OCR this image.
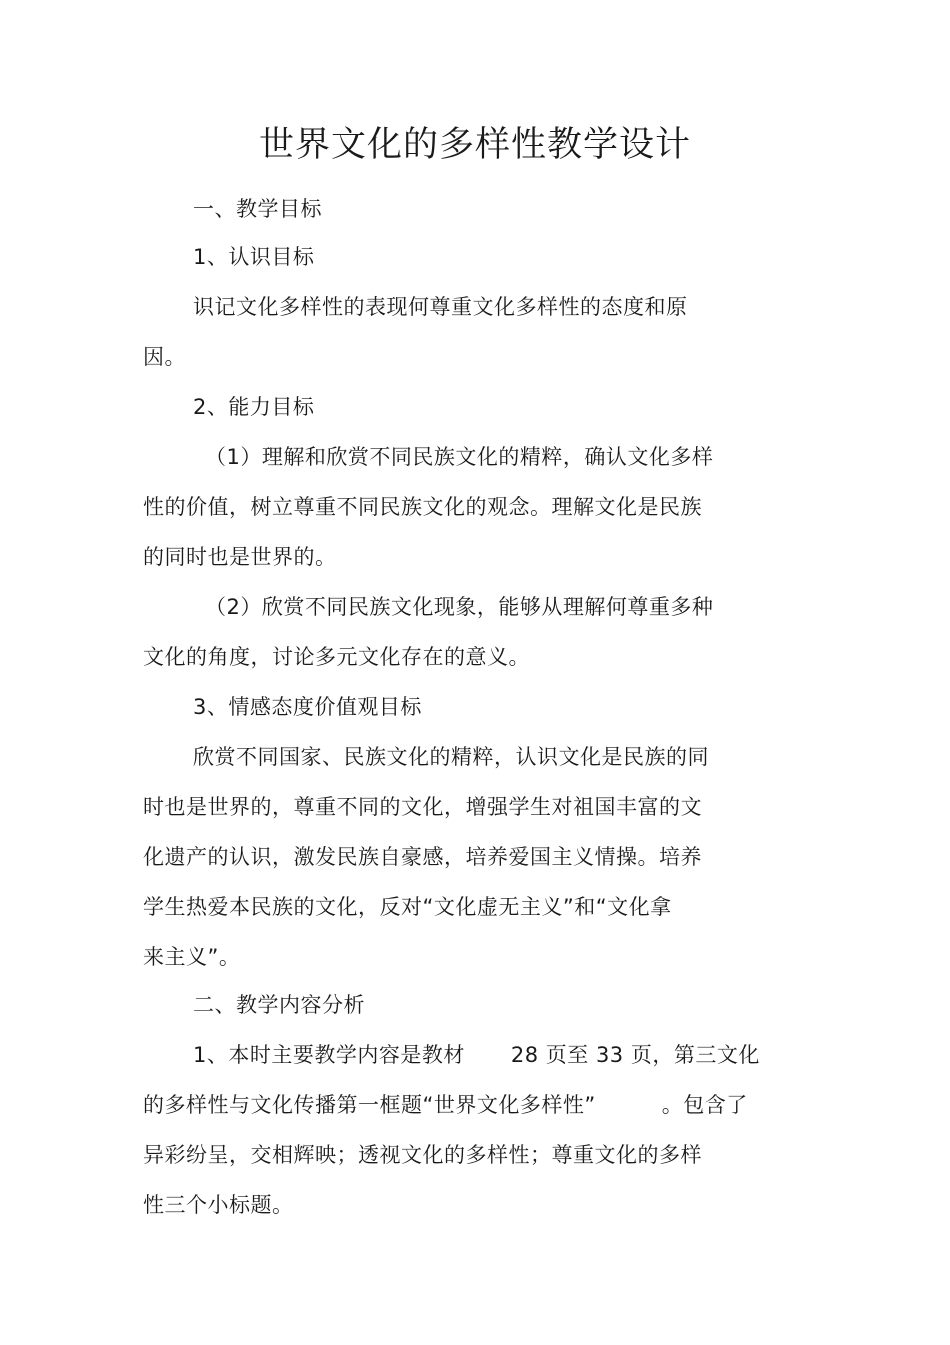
世界文化的多样性教学设计
一、教学目标
1、认识目标
识记文化多样性的表现何尊重文化多样性的态度和原
因。
2、能力目标
（1）理解和欣赏不同民族文化的精粹，确认文化多样
性的价值，树立尊重不同民族文化的观念。理解文化是民族
的同时也是世界的。
（2）欣赏不同民族文化现象，能够从理解何尊重多种
文化的角度，讨论多元文化存在的意义。
3、情感态度价值观目标
欣赏不同国家、民族文化的精粹，认识文化是民族的同
时也是世界的，尊重不同的文化，增强学生对祖国丰富的文
化遗产的认识，激发民族自豪感，培养爱国主义情操。培养
学生热爱本民族的文化，反对“文化虚无主义”和“文化拿
来主义”。
二、教学内容分析
1、本时主要教学内容是教材 28 页至 33 页，第三文化
的多样性与文化传播第一框题“世界文化多样性”	。包含了
异彩纷呈，交相辉映；透视文化的多样性；尊重文化的多样
性三个小标题。
